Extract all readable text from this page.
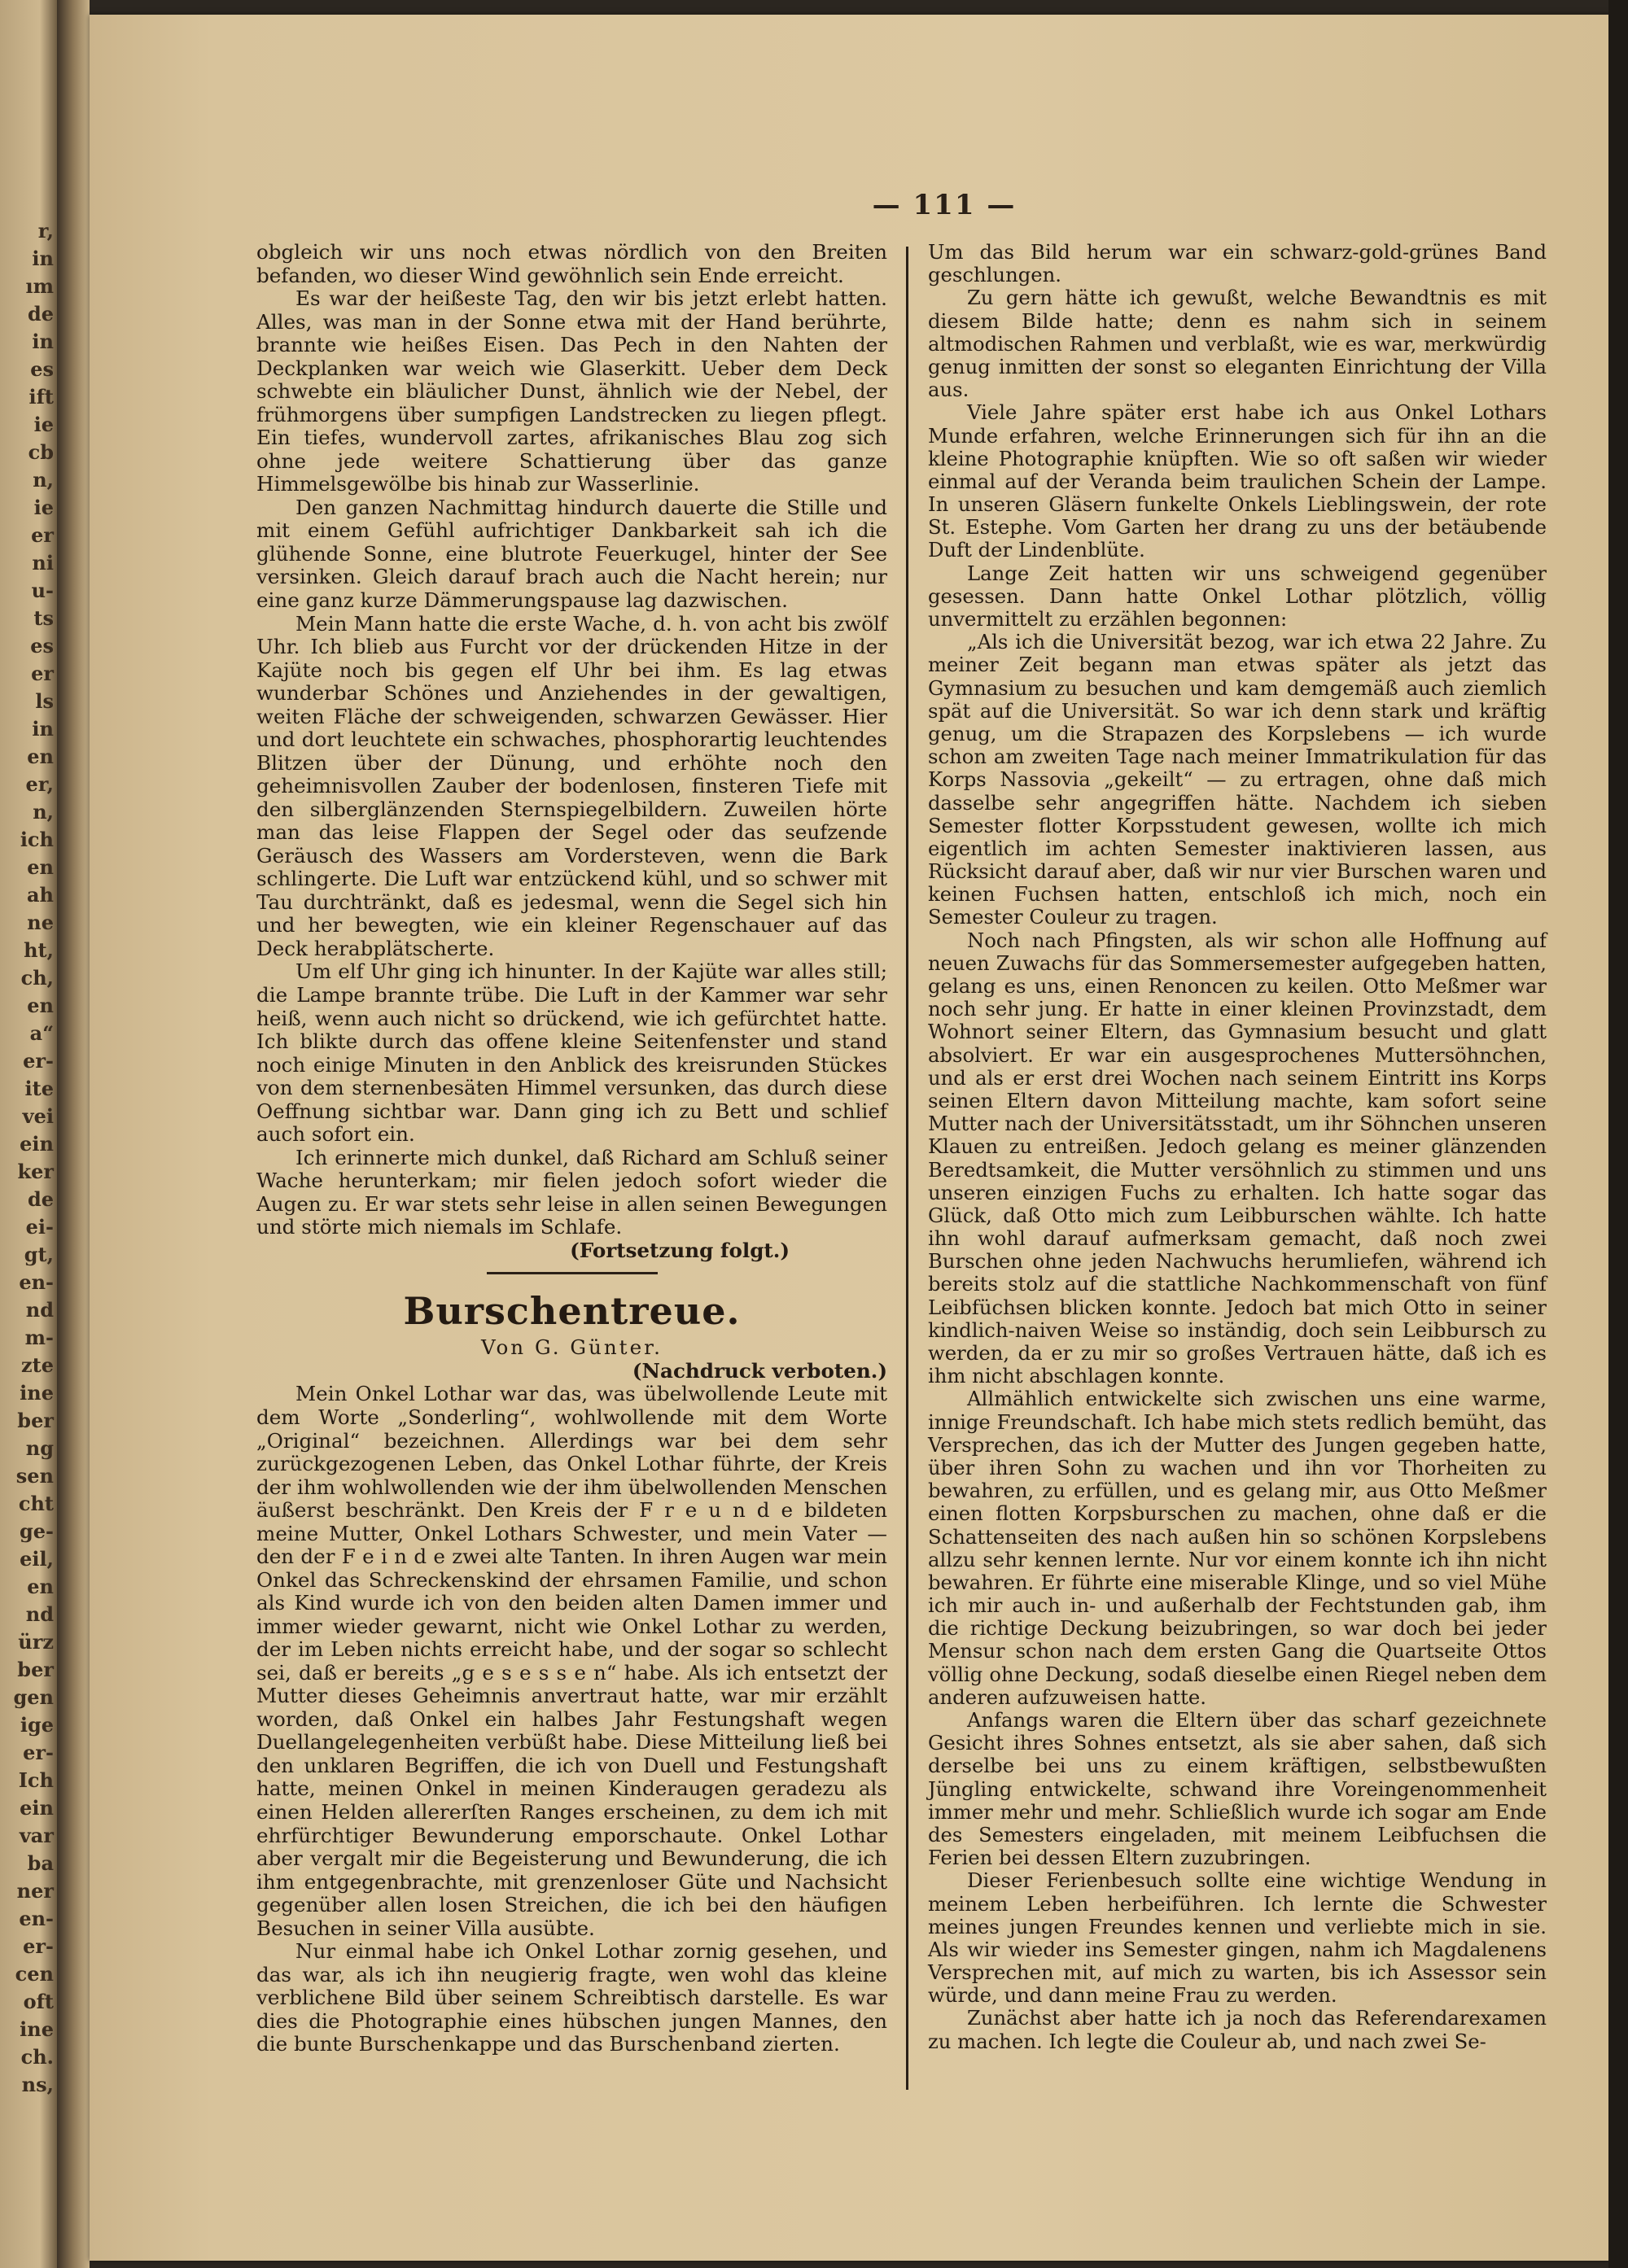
r,
in
ım
de
in
es
ift
ie
cb
n,
ie
er
ni
u-
ts
es
er
ls
in
en
er,
n,
ich
en
ah
ne
ht,
ch,
en
a“
er-
ite
vei
ein
ker
de
ei-
gt,
en-
nd
m-
zte
ine
ber
ng
sen
cht
ge-
eil,
en
nd
ürz
ber
gen
ige
er-
Ich
ein
var
ba
ner
en-
er-
cen
oft
ine
ch.
ns,
— 111 —

obgleich wir uns noch etwas nördlich von den Breiten befanden, wo dieser Wind gewöhnlich sein Ende erreicht.

Es war der heißeste Tag, den wir bis jetzt erlebt hatten. Alles, was man in der Sonne etwa mit der Hand berührte, brannte wie heißes Eisen. Das Pech in den Nahten der Deckplanken war weich wie Glaserkitt. Ueber dem Deck schwebte ein bläulicher Dunst, ähnlich wie der Nebel, der frühmorgens über sumpfigen Landstrecken zu liegen pflegt. Ein tiefes, wundervoll zartes, afrikanisches Blau zog sich ohne jede weitere Schattierung über das ganze Himmelsgewölbe bis hinab zur Wasserlinie.

Den ganzen Nachmittag hindurch dauerte die Stille und mit einem Gefühl aufrichtiger Dankbarkeit sah ich die glühende Sonne, eine blutrote Feuerkugel, hinter der See versinken. Gleich darauf brach auch die Nacht herein; nur eine ganz kurze Dämmerungspause lag dazwischen.

Mein Mann hatte die erste Wache, d. h. von acht bis zwölf Uhr. Ich blieb aus Furcht vor der drückenden Hitze in der Kajüte noch bis gegen elf Uhr bei ihm. Es lag etwas wunderbar Schönes und Anziehendes in der gewaltigen, weiten Fläche der schweigenden, schwarzen Gewässer. Hier und dort leuchtete ein schwaches, phosphorartig leuchtendes Blitzen über der Dünung, und erhöhte noch den geheimnisvollen Zauber der bodenlosen, finsteren Tiefe mit den silberglänzenden Sternspiegelbildern. Zuweilen hörte man das leise Flappen der Segel oder das seufzende Geräusch des Wassers am Vordersteven, wenn die Bark schlingerte. Die Luft war entzückend kühl, und so schwer mit Tau durchtränkt, daß es jedesmal, wenn die Segel sich hin und her bewegten, wie ein kleiner Regenschauer auf das Deck herabplätscherte.

Um elf Uhr ging ich hinunter. In der Kajüte war alles still; die Lampe brannte trübe. Die Luft in der Kammer war sehr heiß, wenn auch nicht so drückend, wie ich gefürchtet hatte. Ich blikte durch das offene kleine Seitenfenster und stand noch einige Minuten in den Anblick des kreisrunden Stückes von dem sternenbesäten Himmel versunken, das durch diese Oeffnung sichtbar war. Dann ging ich zu Bett und schlief auch sofort ein.

Ich erinnerte mich dunkel, daß Richard am Schluß seiner Wache herunterkam; mir fielen jedoch sofort wieder die Augen zu. Er war stets sehr leise in allen seinen Bewegungen und störte mich niemals im Schlafe.

(Fortsetzung folgt.)

Burschentreue.

Von G. Günter.

(Nachdruck verboten.)

Mein Onkel Lothar war das, was übelwollende Leute mit dem Worte „Sonderling“, wohlwollende mit dem Worte „Original“ bezeichnen. Allerdings war bei dem sehr zurückgezogenen Leben, das Onkel Lothar führte, der Kreis der ihm wohlwollenden wie der ihm übelwollenden Menschen äußerst beschränkt. Den Kreis der F r e u n d e bildeten meine Mutter, Onkel Lothars Schwester, und mein Vater — den der F e i n d e zwei alte Tanten. In ihren Augen war mein Onkel das Schreckenskind der ehrsamen Familie, und schon als Kind wurde ich von den beiden alten Damen immer und immer wieder gewarnt, nicht wie Onkel Lothar zu werden, der im Leben nichts erreicht habe, und der sogar so schlecht sei, daß er bereits „g e s e s s e n“ habe. Als ich entsetzt der Mutter dieses Geheimnis anvertraut hatte, war mir erzählt worden, daß Onkel ein halbes Jahr Festungshaft wegen Duellangelegenheiten verbüßt habe. Diese Mitteilung ließ bei den unklaren Begriffen, die ich von Duell und Festungshaft hatte, meinen Onkel in meinen Kinderaugen geradezu als einen Helden allererſten Ranges erscheinen, zu dem ich mit ehrfürchtiger Bewunderung emporschaute. Onkel Lothar aber vergalt mir die Begeisterung und Bewunderung, die ich ihm entgegenbrachte, mit grenzenloser Güte und Nachsicht gegenüber allen losen Streichen, die ich bei den häufigen Besuchen in seiner Villa ausübte.

Nur einmal habe ich Onkel Lothar zornig gesehen, und das war, als ich ihn neugierig fragte, wen wohl das kleine verblichene Bild über seinem Schreibtisch darstelle. Es war dies die Photographie eines hübschen jungen Mannes, den die bunte Burschenkappe und das Burschenband zierten.

Um das Bild herum war ein schwarz-gold-grünes Band geschlungen.

Zu gern hätte ich gewußt, welche Bewandtnis es mit diesem Bilde hatte; denn es nahm sich in seinem altmodischen Rahmen und verblaßt, wie es war, merkwürdig genug inmitten der sonst so eleganten Einrichtung der Villa aus.

Viele Jahre später erst habe ich aus Onkel Lothars Munde erfahren, welche Erinnerungen sich für ihn an die kleine Photographie knüpften. Wie so oft saßen wir wieder einmal auf der Veranda beim traulichen Schein der Lampe. In unseren Gläsern funkelte Onkels Lieblingswein, der rote St. Estephe. Vom Garten her drang zu uns der betäubende Duft der Lindenblüte.

Lange Zeit hatten wir uns schweigend gegenüber gesessen. Dann hatte Onkel Lothar plötzlich, völlig unvermittelt zu erzählen begonnen:

„Als ich die Universität bezog, war ich etwa 22 Jahre. Zu meiner Zeit begann man etwas später als jetzt das Gymnasium zu besuchen und kam demgemäß auch ziemlich spät auf die Universität. So war ich denn stark und kräftig genug, um die Strapazen des Korpslebens — ich wurde schon am zweiten Tage nach meiner Immatrikulation für das Korps Nassovia „gekeilt“ — zu ertragen, ohne daß mich dasselbe sehr angegriffen hätte. Nachdem ich sieben Semester flotter Korpsstudent gewesen, wollte ich mich eigentlich im achten Semester inaktivieren lassen, aus Rücksicht darauf aber, daß wir nur vier Burschen waren und keinen Fuchsen hatten, entschloß ich mich, noch ein Semester Couleur zu tragen.

Noch nach Pfingsten, als wir schon alle Hoffnung auf neuen Zuwachs für das Sommersemester aufgegeben hatten, gelang es uns, einen Renoncen zu keilen. Otto Meßmer war noch sehr jung. Er hatte in einer kleinen Provinzstadt, dem Wohnort seiner Eltern, das Gymnasium besucht und glatt absolviert. Er war ein ausgesprochenes Muttersöhnchen, und als er erst drei Wochen nach seinem Eintritt ins Korps seinen Eltern davon Mitteilung machte, kam sofort seine Mutter nach der Universitätsstadt, um ihr Söhnchen unseren Klauen zu entreißen. Jedoch gelang es meiner glänzenden Beredtsamkeit, die Mutter versöhnlich zu stimmen und uns unseren einzigen Fuchs zu erhalten. Ich hatte sogar das Glück, daß Otto mich zum Leibburschen wählte. Ich hatte ihn wohl darauf aufmerksam gemacht, daß noch zwei Burschen ohne jeden Nachwuchs herumliefen, während ich bereits stolz auf die stattliche Nachkommenschaft von fünf Leibfüchsen blicken konnte. Jedoch bat mich Otto in seiner kindlich-naiven Weise so inständig, doch sein Leibbursch zu werden, da er zu mir so großes Vertrauen hätte, daß ich es ihm nicht abschlagen konnte.

Allmählich entwickelte sich zwischen uns eine warme, innige Freundschaft. Ich habe mich stets redlich bemüht, das Versprechen, das ich der Mutter des Jungen gegeben hatte, über ihren Sohn zu wachen und ihn vor Thorheiten zu bewahren, zu erfüllen, und es gelang mir, aus Otto Meßmer einen flotten Korpsburschen zu machen, ohne daß er die Schattenseiten des nach außen hin so schönen Korpslebens allzu sehr kennen lernte. Nur vor einem konnte ich ihn nicht bewahren. Er führte eine miserable Klinge, und so viel Mühe ich mir auch in- und außerhalb der Fechtstunden gab, ihm die richtige Deckung beizubringen, so war doch bei jeder Mensur schon nach dem ersten Gang die Quartseite Ottos völlig ohne Deckung, sodaß dieselbe einen Riegel neben dem anderen aufzuweisen hatte.

Anfangs waren die Eltern über das scharf gezeichnete Gesicht ihres Sohnes entsetzt, als sie aber sahen, daß sich derselbe bei uns zu einem kräftigen, selbstbewußten Jüngling entwickelte, schwand ihre Voreingenommenheit immer mehr und mehr. Schließlich wurde ich sogar am Ende des Semesters eingeladen, mit meinem Leibfuchsen die Ferien bei dessen Eltern zuzubringen.

Dieser Ferienbesuch sollte eine wichtige Wendung in meinem Leben herbeiführen. Ich lernte die Schwester meines jungen Freundes kennen und verliebte mich in sie. Als wir wieder ins Semester gingen, nahm ich Magdalenens Versprechen mit, auf mich zu warten, bis ich Assessor sein würde, und dann meine Frau zu werden.

Zunächst aber hatte ich ja noch das Referendarexamen zu machen. Ich legte die Couleur ab, und nach zwei Se-
